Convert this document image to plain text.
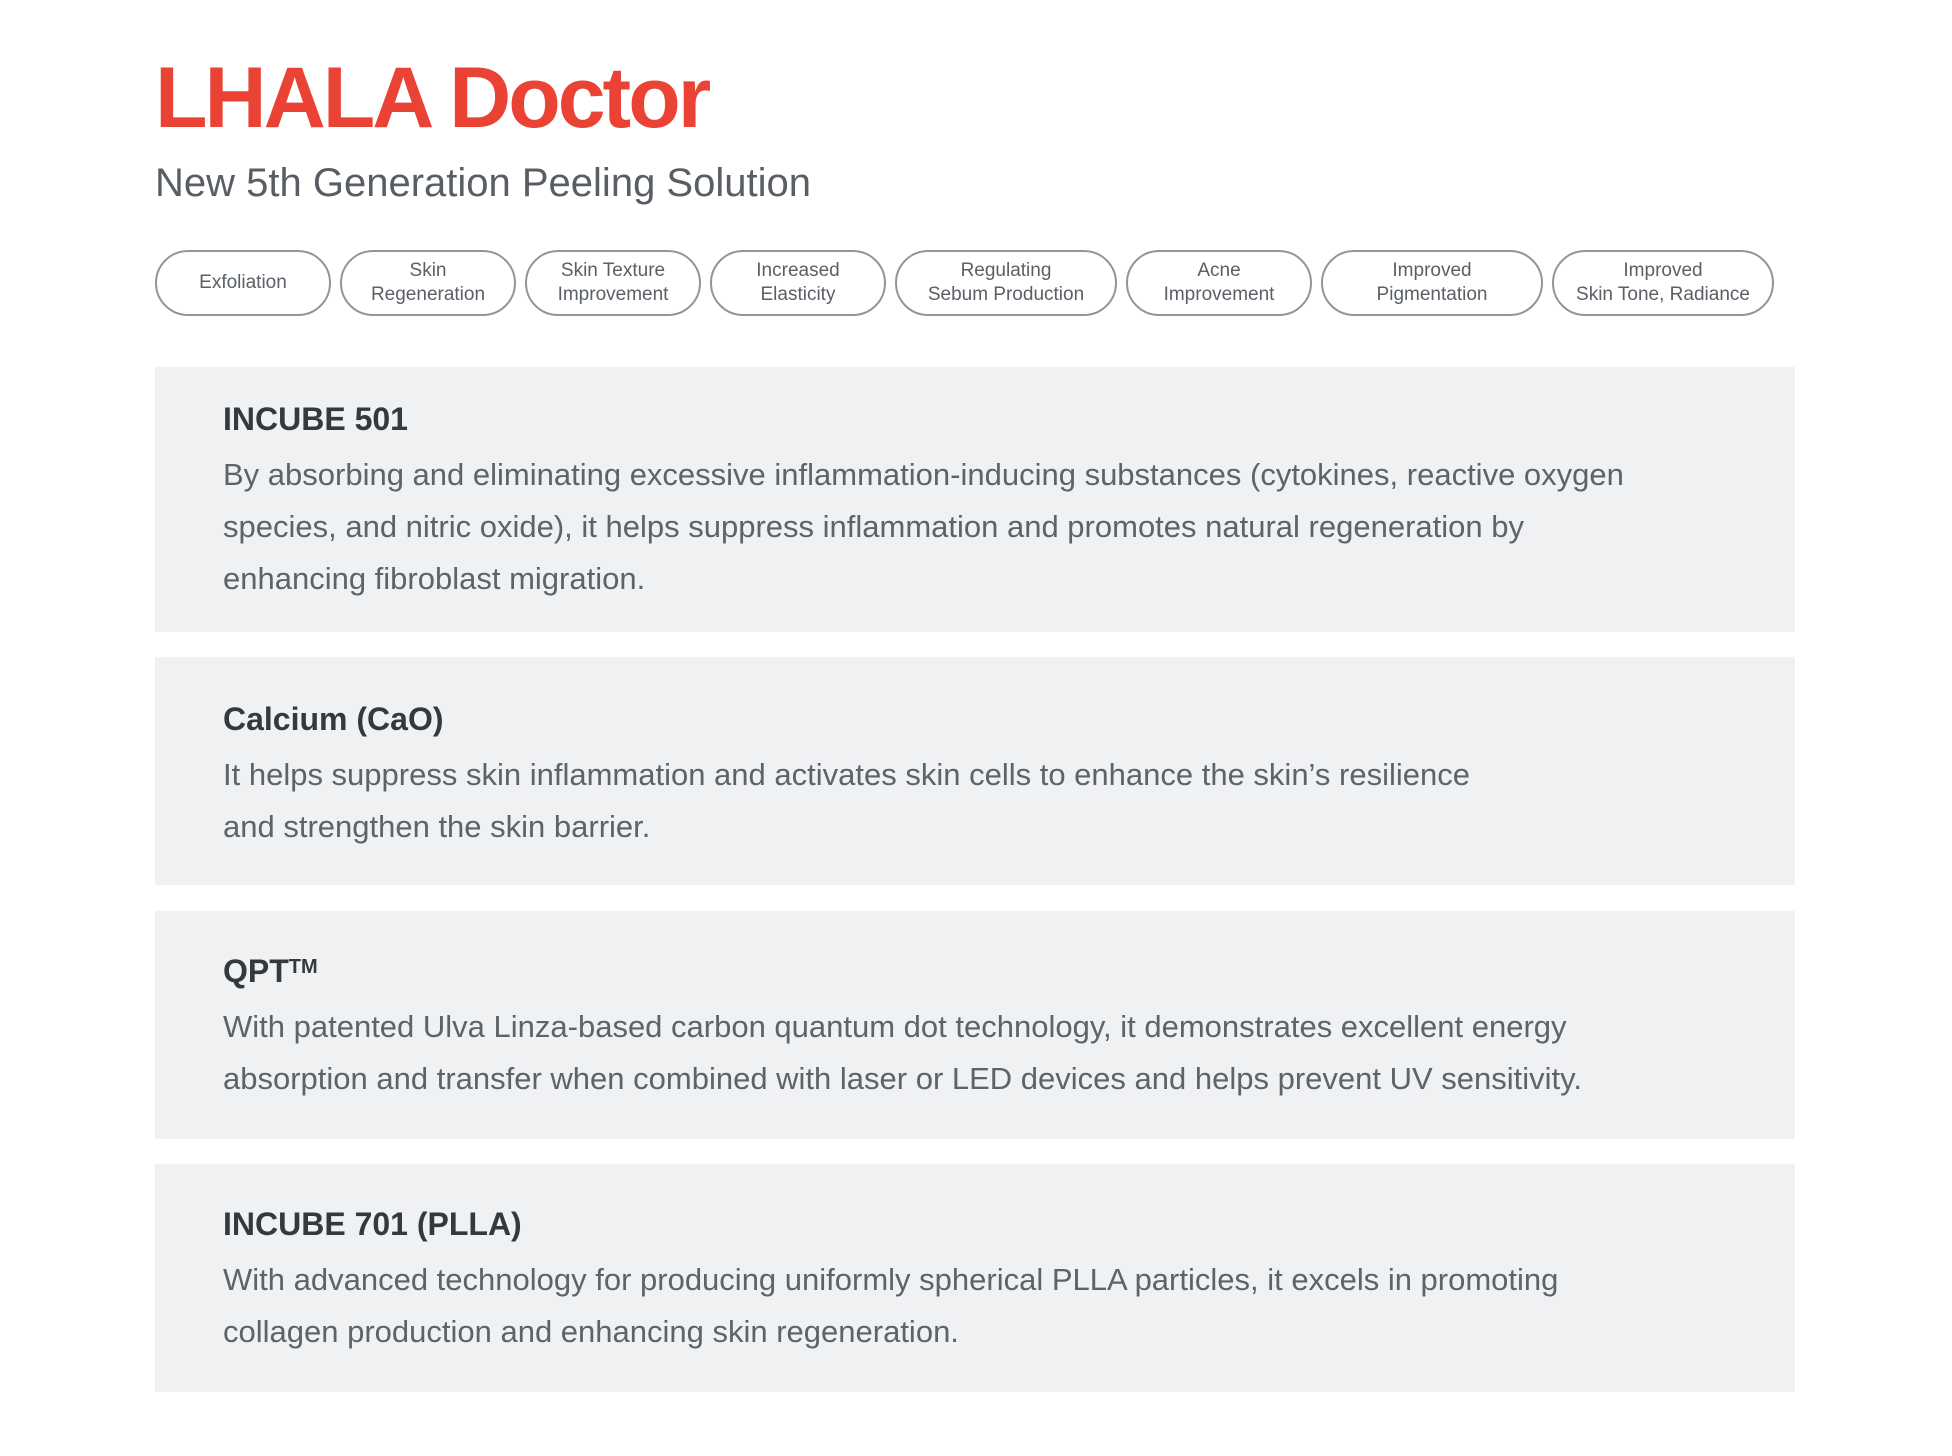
LHALA Doctor
New 5th Generation Peeling Solution
Exfoliation
Skin
Regeneration
Skin Texture
Improvement
Increased
Elasticity
Regulating
Sebum Production
Acne
Improvement
Improved
Pigmentation
Improved
Skin Tone, Radiance
INCUBE 501

By absorbing and eliminating excessive inflammation-inducing substances (cytokines, reactive oxygen
species, and nitric oxide), it helps suppress inflammation and promotes natural regeneration by
enhancing fibroblast migration.

Calcium (CaO)

It helps suppress skin inflammation and activates skin cells to enhance the skin’s resilience
and strengthen the skin barrier.

QPT™

With patented Ulva Linza-based carbon quantum dot technology, it demonstrates excellent energy
absorption and transfer when combined with laser or LED devices and helps prevent UV sensitivity.

INCUBE 701 (PLLA)

With advanced technology for producing uniformly spherical PLLA particles, it excels in promoting
collagen production and enhancing skin regeneration.
